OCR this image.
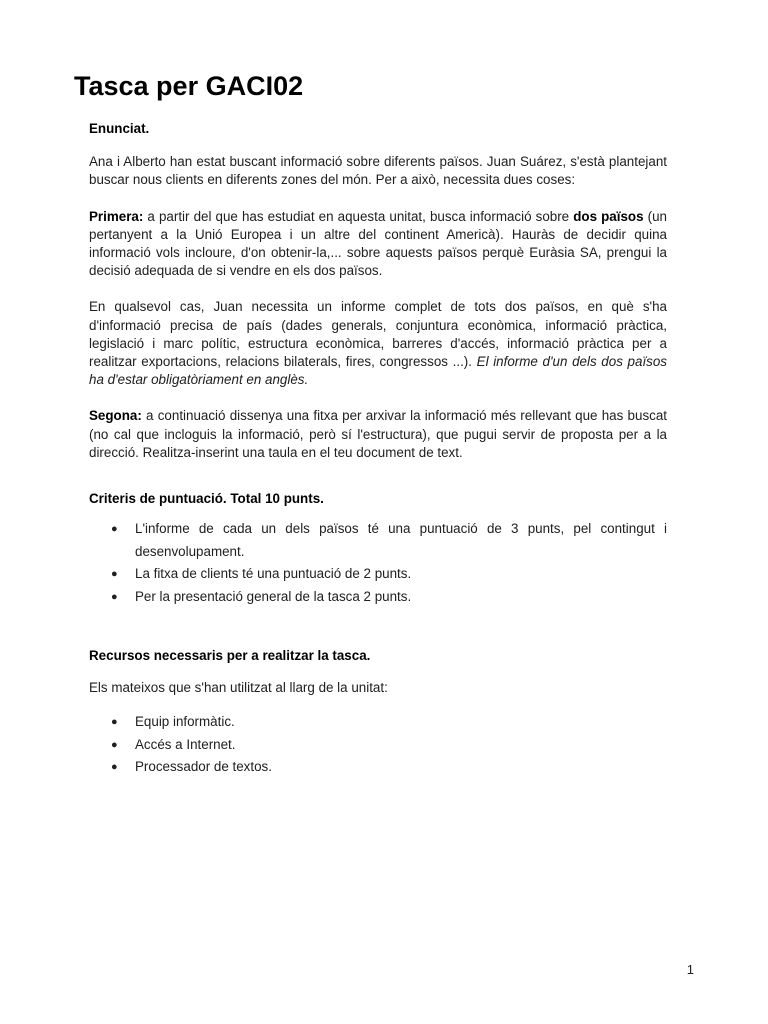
Tasca per GACI02

Enunciat.

Ana i Alberto han estat buscant informació sobre diferents països. Juan Suárez, s'està plantejant buscar nous clients en diferents zones del món. Per a això, necessita dues coses:

Primera: a partir del que has estudiat en aquesta unitat, busca informació sobre dos països (un pertanyent a la Unió Europea i un altre del continent Americà). Hauràs de decidir quina informació vols incloure, d'on obtenir-la,... sobre aquests països perquè Euràsia SA, prengui la decisió adequada de si vendre en els dos països.

En qualsevol cas, Juan necessita un informe complet de tots dos països, en què s'ha d'informació precisa de país (dades generals, conjuntura econòmica, informació pràctica, legislació i marc polític, estructura econòmica, barreres d'accés, informació pràctica per a realitzar exportacions, relacions bilaterals, fires, congressos ...). El informe d'un dels dos països ha d'estar obligatòriament en anglès.

Segona: a continuació dissenya una fitxa per arxivar la informació més rellevant que has buscat (no cal que incloguis la informació, però sí l'estructura), que pugui servir de proposta per a la direcció. Realitza-inserint una taula en el teu document de text.

Criteris de puntuació. Total 10 punts.

● L'informe de cada un dels països té una puntuació de 3 punts, pel contingut i desenvolupament.
● La fitxa de clients té una puntuació de 2 punts.
● Per la presentació general de la tasca 2 punts.

Recursos necessaris per a realitzar la tasca.

Els mateixos que s'han utilitzat al llarg de la unitat:

● Equip informàtic.
● Accés a Internet.
● Processador de textos.
1
